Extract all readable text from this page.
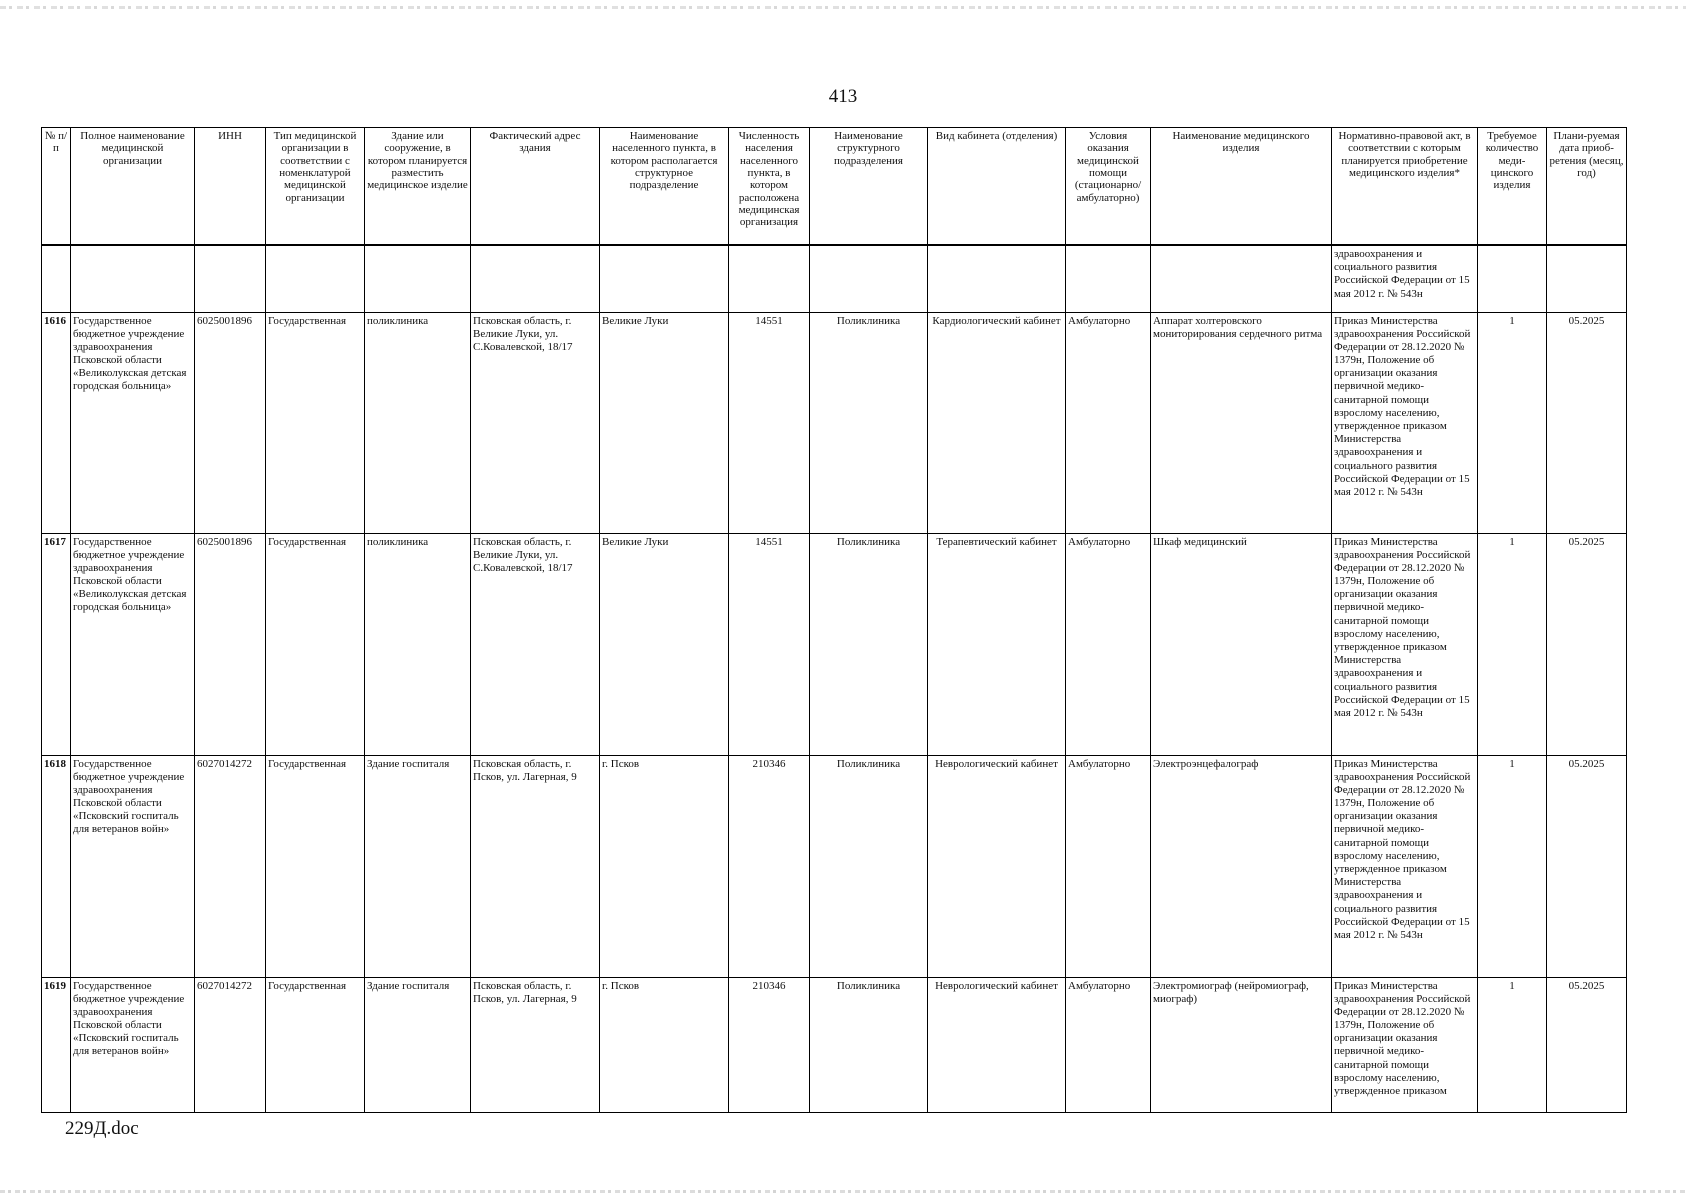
413
№ п/п	Полное наименование медицинской организации	ИНН	Тип медицинской организации в соответствии с номенклатурой медицинской организации	Здание или сооружение, в котором планируется разместить медицинское изделие	Фактический адрес здания	Наименование населенного пункта, в котором располагается структурное подразделение	Численность населения населенного пункта, в котором расположена медицинская организация	Наименование структурного подразделения	Вид кабинета (отделения)	Условия оказания медицинской помощи (стационарно/ амбулаторно)	Наименование медицинского изделия	Нормативно-правовой акт, в соответствии с которым планируется приобретение медицинского изделия*	Требуемое количество меди-цинского изделия	Плани-руемая дата приоб-ретения (месяц, год)
												здравоохранения и социального развития Российской Федерации от 15 мая 2012 г. № 543н		
1616	Государственное бюджетное учреждение здравоохранения Псковской области «Великолукская детская городская больница»	6025001896	Государственная	поликлиника	Псковская область, г. Великие Луки, ул. С.Ковалевской, 18/17	Великие Луки	14551	Поликлиника	Кардиологический кабинет	Амбулаторно	Аппарат холтеровского мониторирования сердечного ритма	Приказ Министерства здравоохранения Российской Федерации от 28.12.2020 № 1379н, Положение об организации оказания первичной медико-санитарной помощи взрослому населению, утвержденное приказом Министерства здравоохранения и социального развития Российской Федерации от 15 мая 2012 г. № 543н	1	05.2025
1617	Государственное бюджетное учреждение здравоохранения Псковской области «Великолукская детская городская больница»	6025001896	Государственная	поликлиника	Псковская область, г. Великие Луки, ул. С.Ковалевской, 18/17	Великие Луки	14551	Поликлиника	Терапевтический кабинет	Амбулаторно	Шкаф медицинский	Приказ Министерства здравоохранения Российской Федерации от 28.12.2020 № 1379н, Положение об организации оказания первичной медико-санитарной помощи взрослому населению, утвержденное приказом Министерства здравоохранения и социального развития Российской Федерации от 15 мая 2012 г. № 543н	1	05.2025
1618	Государственное бюджетное учреждение здравоохранения Псковской области «Псковский госпиталь для ветеранов войн»	6027014272	Государственная	Здание госпиталя	Псковская область, г. Псков, ул. Лагерная, 9	г. Псков	210346	Поликлиника	Неврологический кабинет	Амбулаторно	Электроэнцефалограф	Приказ Министерства здравоохранения Российской Федерации от 28.12.2020 № 1379н, Положение об организации оказания первичной медико-санитарной помощи взрослому населению, утвержденное приказом Министерства здравоохранения и социального развития Российской Федерации от 15 мая 2012 г. № 543н	1	05.2025
1619	Государственное бюджетное учреждение здравоохранения Псковской области «Псковский госпиталь для ветеранов войн»	6027014272	Государственная	Здание госпиталя	Псковская область, г. Псков, ул. Лагерная, 9	г. Псков	210346	Поликлиника	Неврологический кабинет	Амбулаторно	Электромиограф (нейромиограф, миограф)	Приказ Министерства здравоохранения Российской Федерации от 28.12.2020 № 1379н, Положение об организации оказания первичной медико-санитарной помощи взрослому населению, утвержденное приказом	1	05.2025
229Д.doc
